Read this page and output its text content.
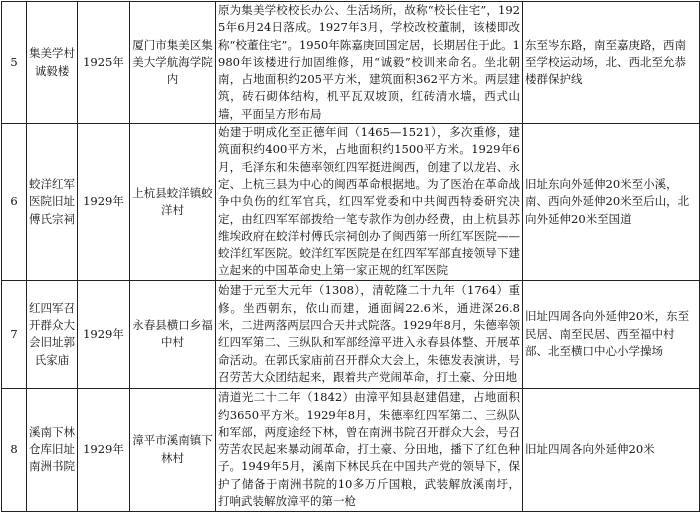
5	集美学村诚毅楼	1925年	厦门市集美区集美大学航海学院内	原为集美学校校长办公、生活场所，故称“校长住宅”，1925年6月24日落成。1927年3月，学校改校董制，该楼即改称“校董住宅”。1950年陈嘉庚回国定居，长期居住于此。1980年该楼进行加固维修，用“诚毅”校训来命名。坐北朝南，占地面积约205平方米，建筑面积362平方米。两层建筑，砖石砌体结构，机平瓦双坡顶，红砖清水墙，西式山墙，平面呈方形布局	东至岑东路，南至嘉庚路，西南至学校运动场，北、西北至允恭楼群保护线
6	蛟洋红军医院旧址傅氏宗祠	1929年	上杭县蛟洋镇蛟洋村	始建于明成化至正德年间（1465—1521），多次重修，建筑面积约400平方米，占地面积约1500平方米。1929年6月，毛泽东和朱德率领红四军挺进闽西，创建了以龙岩、永定、上杭三县为中心的闽西革命根据地。为了医治在革命战争中负伤的红军官兵，红四军党委和中共闽西特委研究决定，由红四军军部拨给一笔专款作为创办经费，由上杭县苏维埃政府在蛟洋村傅氏宗祠创办了闽西第一所红军医院——蛟洋红军医院。蛟洋红军医院是在红四军军部直接领导下建立起来的中国革命史上第一家正规的红军医院	旧址东向外延伸20米至小溪，南、西向外延伸20米至后山，北向外延伸20米至国道
7	红四军召开群众大会旧址郭氏家庙	1929年	永春县横口乡福中村	始建于元至大元年（1308），清乾隆二十九年（1764）重修。坐西朝东，依山而建，通面阔22.6米，通进深26.8米，二进两落两层四合天井式院落。1929年8月，朱德率领红四军第二、三纵队和军部经漳平进入永春县体整、开展革命活动。在郭氏家庙前召开群众大会上，朱德发表演讲，号召劳苦大众团结起来，跟着共产党闹革命，打土豪、分田地	旧址四周各向外延伸20米，东至民居、南至民居、西至福中村部、北至横口中心小学操场
8	溪南下林仓库旧址南洲书院	1929年	漳平市溪南镇下林村	清道光二十二年（1842）由漳平知县赵建倡建，占地面积约3650平方米。1929年8月，朱德率红四军第二、三纵队和军部，两度途经下林，曾在南洲书院召开群众大会，号召劳苦农民起来暴动闹革命，打土豪、分田地，播下了红色种子。1949年5月，溪南下林民兵在中国共产党的领导下，保护了储备于南洲书院的10多万斤国粮，武装解放溪南圩，打响武装解放漳平的第一枪	旧址四周各向外延伸20米
